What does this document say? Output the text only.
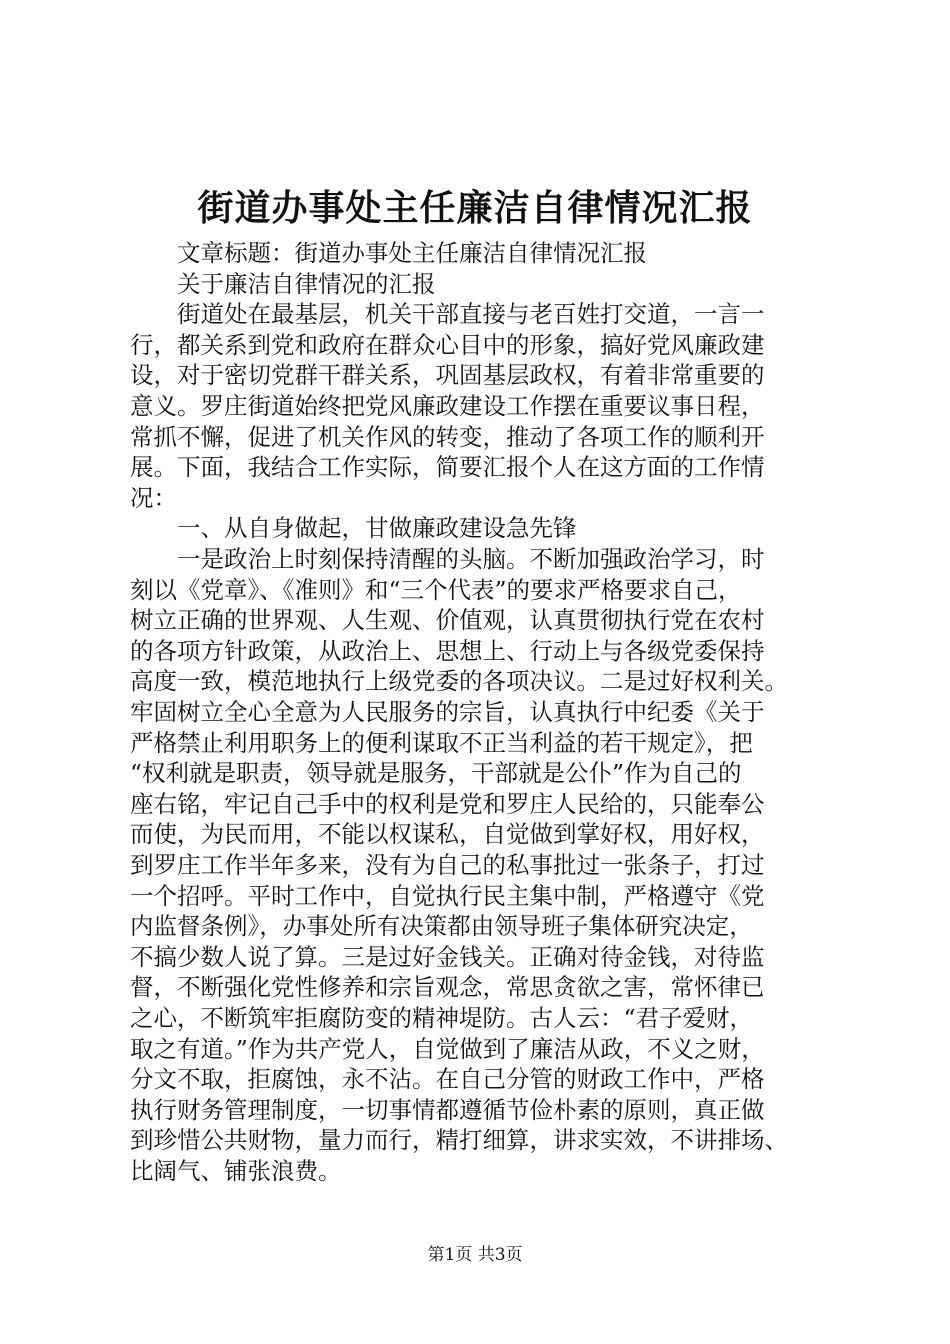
街道办事处主任廉洁自律情况汇报
　　文章标题：街道办事处主任廉洁自律情况汇报
　　关于廉洁自律情况的汇报
　　街道处在最基层，机关干部直接与老百姓打交道，一言一
行，都关系到党和政府在群众心目中的形象，搞好党风廉政建
设，对于密切党群干群关系，巩固基层政权，有着非常重要的
意义。罗庄街道始终把党风廉政建设工作摆在重要议事日程，
常抓不懈，促进了机关作风的转变，推动了各项工作的顺利开
展。下面，我结合工作实际，简要汇报个人在这方面的工作情
况：
　　一、从自身做起，甘做廉政建设急先锋
　　一是政治上时刻保持清醒的头脑。不断加强政治学习，时
刻以《党章》、《准则》和“三个代表”的要求严格要求自己，
树立正确的世界观、人生观、价值观，认真贯彻执行党在农村
的各项方针政策，从政治上、思想上、行动上与各级党委保持
高度一致，模范地执行上级党委的各项决议。二是过好权利关。
牢固树立全心全意为人民服务的宗旨，认真执行中纪委《关于
严格禁止利用职务上的便利谋取不正当利益的若干规定》，把
“权利就是职责，领导就是服务，干部就是公仆”作为自己的
座右铭，牢记自己手中的权利是党和罗庄人民给的，只能奉公
而使，为民而用，不能以权谋私，自觉做到掌好权，用好权，
到罗庄工作半年多来，没有为自己的私事批过一张条子，打过
一个招呼。平时工作中，自觉执行民主集中制，严格遵守《党
内监督条例》，办事处所有决策都由领导班子集体研究决定，
不搞少数人说了算。三是过好金钱关。正确对待金钱，对待监
督，不断强化党性修养和宗旨观念，常思贪欲之害，常怀律已
之心，不断筑牢拒腐防变的精神堤防。古人云：“君子爱财，
取之有道。”作为共产党人，自觉做到了廉洁从政，不义之财，
分文不取，拒腐蚀，永不沾。在自己分管的财政工作中，严格
执行财务管理制度，一切事情都遵循节俭朴素的原则，真正做
到珍惜公共财物，量力而行，精打细算，讲求实效，不讲排场、
比阔气、铺张浪费。
第1页 共3页
